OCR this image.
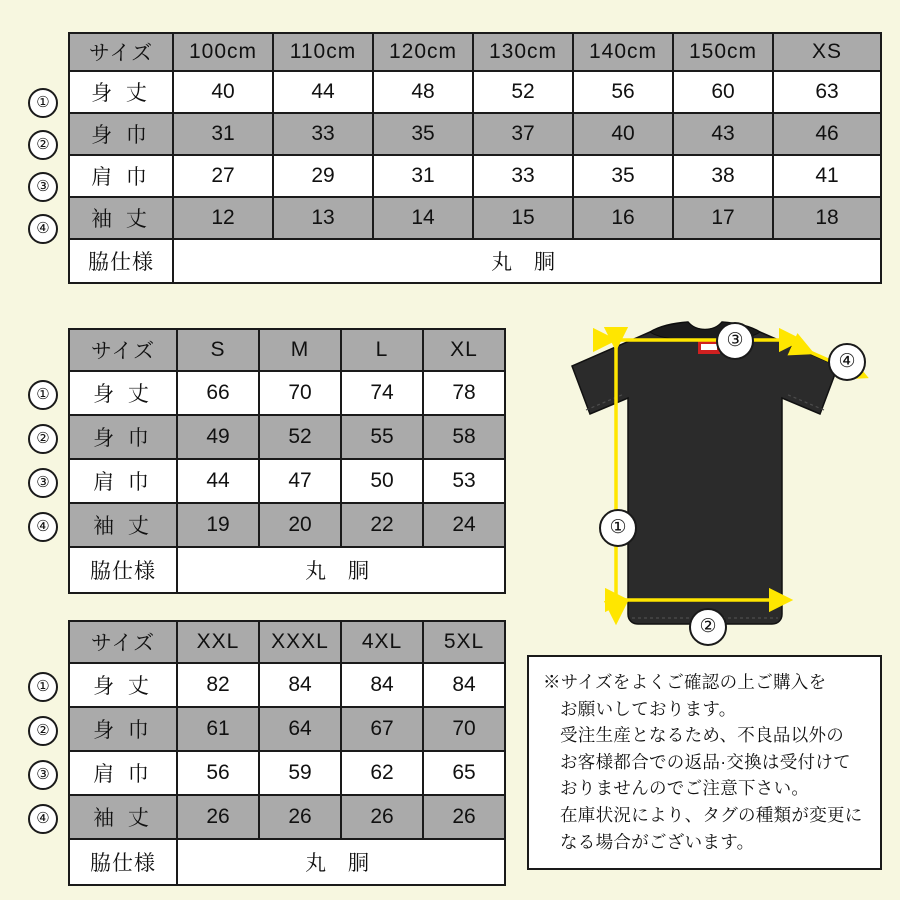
サイズ	100cm	110cm	120cm	130cm	140cm	150cm	XS
身 丈	40	44	48	52	56	60	63
身 巾	31	33	35	37	40	43	46
肩 巾	27	29	31	33	35	38	41
袖 丈	12	13	14	15	16	17	18
脇仕様	丸 胴						
①
②
③
④
サイズ	S	M	L	XL
身 丈	66	70	74	78
身 巾	49	52	55	58
肩 巾	44	47	50	53
袖 丈	19	20	22	24
脇仕様	丸 胴			
①
②
③
④
サイズ	XXL	XXXL	4XL	5XL
身 丈	82	84	84	84
身 巾	61	64	67	70
肩 巾	56	59	62	65
袖 丈	26	26	26	26
脇仕様	丸 胴			
①
②
③
④
③
④
①
②

※サイズをよくご確認の上ご購入を

お願いしております。

受注生産となるため、不良品以外の

お客様都合での返品·交換は受付けて

おりませんのでご注意下さい。

在庫状況により、タグの種類が変更に

なる場合がございます。
